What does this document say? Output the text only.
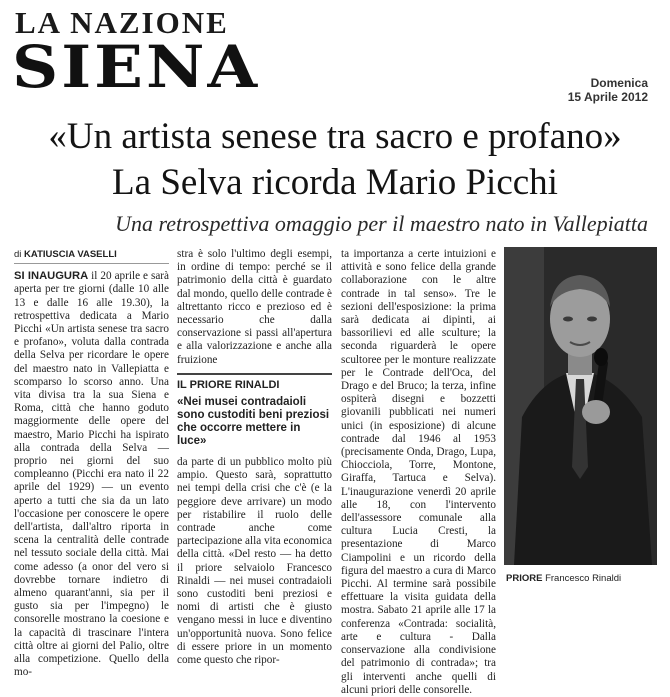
LA NAZIONE
SIENA	Domenica
15 Aprile 2012
«Un artista senese tra sacro e profano»
La Selva ricorda Mario Picchi
Una retrospettiva omaggio per il maestro nato in Vallepiatta
di KATIUSCIA VASELLI
SI INAUGURA il 20 aprile e sarà aperta per tre giorni (dalle 10 alle 13 e dalle 16 alle 19.30), la retrospettiva dedicata a Mario Picchi «Un artista senese tra sacro e profano», voluta dalla contrada della Selva per ricordare le opere del maestro nato in Vallepiatta e scomparso lo scorso anno. Una vita divisa tra la sua Siena e Roma, città che hanno goduto maggiormente delle opere del maestro, Mario Picchi ha ispirato alla contrada della Selva — proprio nei giorni del suo compleanno (Picchi era nato il 22 aprile del 1929) — un evento aperto a tutti che sia da un lato l'occasione per conoscere le opere dell'artista, dall'altro riporta in scena la centralità delle contrade nel tessuto sociale della città. Mai come adesso (a onor del vero si dovrebbe tornare indietro di almeno quarant'anni, sia per il gusto sia per l'impegno) le consorelle mostrano la coesione e la capacità di trascinare l'intera città oltre ai giorni del Palio, oltre alla competizione. Quello della mo-
stra è solo l'ultimo degli esempi, in ordine di tempo: perché se il patrimonio della città è guardato dal mondo, quello delle contrade è altrettanto ricco e prezioso ed è necessario che dalla conservazione si passi all'apertura e alla valorizzazione e anche alla fruizione
IL PRIORE RINALDI
«Nei musei contradaioli sono custoditi beni preziosi che occorre mettere in luce»
da parte di un pubblico molto più ampio. Questo sarà, soprattutto nei tempi della crisi che c'è (e la peggiore deve arrivare) un modo per ristabilire il ruolo delle contrade anche come partecipazione alla vita economica della città. «Del resto — ha detto il priore selvaiolo Francesco Rinaldi — nei musei contradaioli sono custoditi beni preziosi e nomi di artisti che è giusto vengano messi in luce e diventino un'opportunità nuova. Sono felice di essere priore in un momento come questo che ripor-
ta importanza a certe intuizioni e attività e sono felice della grande collaborazione con le altre contrade in tal senso». Tre le sezioni dell'esposizione: la prima sarà dedicata ai dipinti, ai bassorilievi ed alle sculture; la seconda riguarderà le opere scultoree per le monture realizzate per le Contrade dell'Oca, del Drago e del Bruco; la terza, infine ospiterà disegni e bozzetti giovanili pubblicati nei numeri unici (in esposizione) di alcune contrade dal 1946 al 1953 (precisamente Onda, Drago, Lupa, Chiocciola, Torre, Montone, Giraffa, Tartuca e Selva). L'inaugurazione venerdì 20 aprile alle 18, con l'intervento dell'assessore comunale alla cultura Lucia Cresti, la presentazione di Marco Ciampolini e un ricordo della figura del maestro a cura di Marco Picchi. Al termine sarà possibile effettuare la visita guidata della mostra. Sabato 21 aprile alle 17 la conferenza «Contrada: socialità, arte e cultura - Dalla conservazione alla condivisione del patrimonio di contrada»; tra gli interventi anche quelli di alcuni priori delle consorelle.
PRIORE Francesco Rinaldi
